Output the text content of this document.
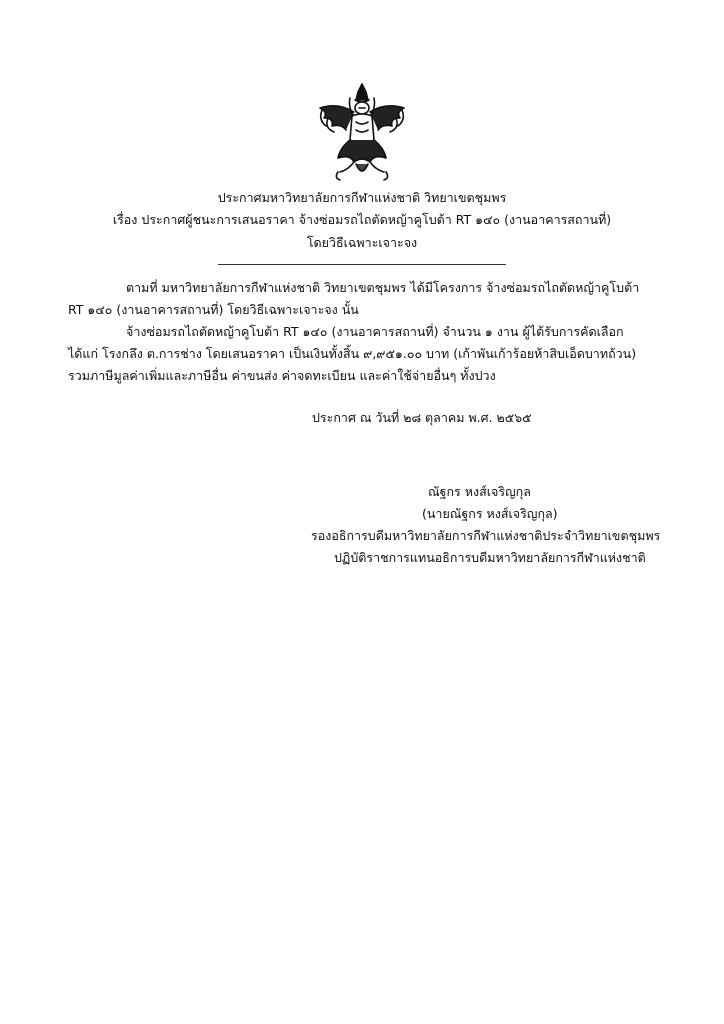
ประกาศมหาวิทยาลัยการกีฬาแห่งชาติ วิทยาเขตชุมพร
เรื่อง ประกาศผู้ชนะการเสนอราคา จ้างซ่อมรถไถตัดหญ้าคูโบต้า RT ๑๔๐ (งานอาคารสถานที่)
โดยวิธีเฉพาะเจาะจง
ตามที่ มหาวิทยาลัยการกีฬาแห่งชาติ วิทยาเขตชุมพร ได้มีโครงการ จ้างซ่อมรถไถตัดหญ้าคูโบต้า
RT ๑๔๐ (งานอาคารสถานที่) โดยวิธีเฉพาะเจาะจง นั้น
จ้างซ่อมรถไถตัดหญ้าคูโบต้า RT ๑๔๐ (งานอาคารสถานที่) จำนวน ๑ งาน ผู้ได้รับการคัดเลือก
ได้แก่ โรงกลึง ต.การช่าง โดยเสนอราคา เป็นเงินทั้งสิ้น ๙,๙๕๑.๐๐ บาท (เก้าพันเก้าร้อยห้าสิบเอ็ดบาทถ้วน)
รวมภาษีมูลค่าเพิ่มและภาษีอื่น ค่าขนส่ง ค่าจดทะเบียน และค่าใช้จ่ายอื่นๆ ทั้งปวง
ประกาศ ณ วันที่ ๒๘ ตุลาคม พ.ศ. ๒๕๖๕
ณัฐกร หงส์เจริญกุล
(นายณัฐกร หงส์เจริญกุล)
รองอธิการบดีมหาวิทยาลัยการกีฬาแห่งชาติประจำวิทยาเขตชุมพร
ปฏิบัติราชการแทนอธิการบดีมหาวิทยาลัยการกีฬาแห่งชาติ
